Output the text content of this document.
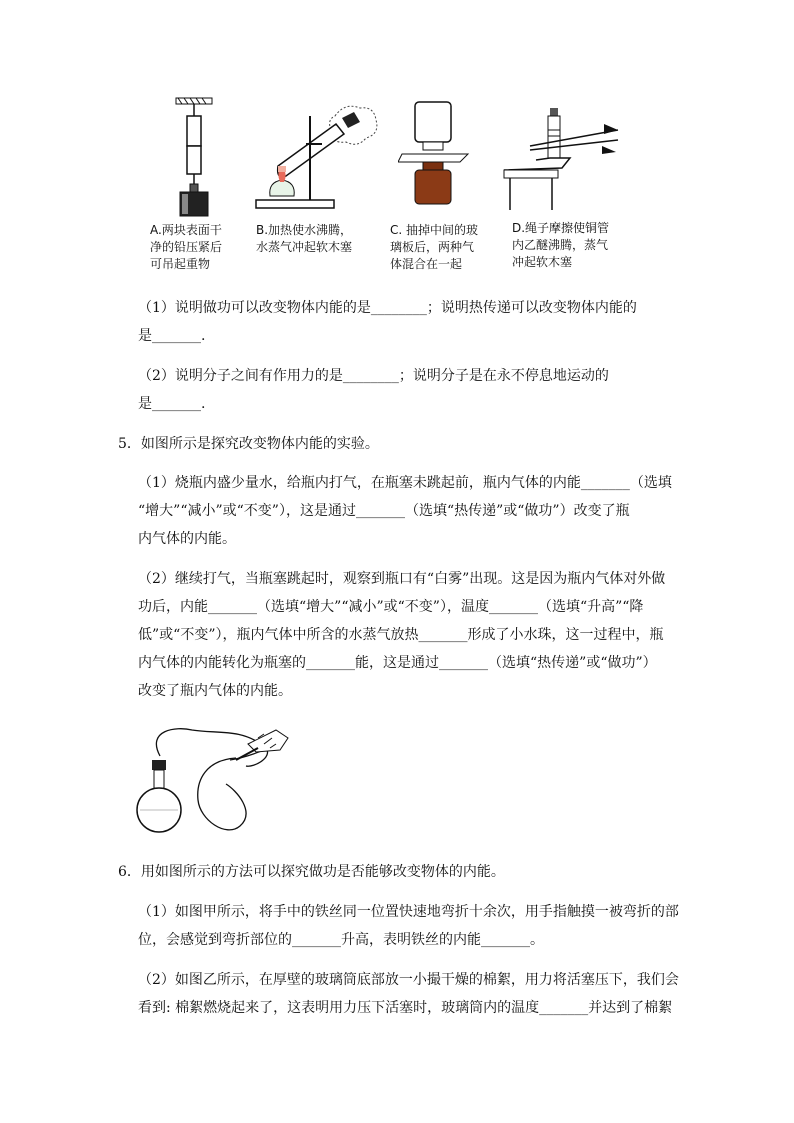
A.两块表面干
净的铅压紧后
可吊起重物
B.加热使水沸腾，
水蒸气冲起软木塞
C. 抽掉中间的玻
璃板后，两种气
体混合在一起
D.绳子摩擦使铜管
内乙醚沸腾，蒸气
冲起软木塞
（1）说明做功可以改变物体内能的是________；说明热传递可以改变物体内能的
是_______.
（2）说明分子之间有作用力的是________；说明分子是在永不停息地运动的
是_______.
5．如图所示是探究改变物体内能的实验。
（1）烧瓶内盛少量水，给瓶内打气，在瓶塞未跳起前，瓶内气体的内能_______（选填
“增大”“减小”或“不变”），这是通过_______（选填“热传递”或“做功”）改变了瓶
内气体的内能。
（2）继续打气，当瓶塞跳起时，观察到瓶口有“白雾”出现。这是因为瓶内气体对外做
功后，内能_______（选填“增大”“减小”或“不变”），温度_______（选填“升高”“降
低”或“不变”），瓶内气体中所含的水蒸气放热_______形成了小水珠，这一过程中，瓶
内气体的内能转化为瓶塞的_______能，这是通过_______（选填“热传递”或“做功”）
改变了瓶内气体的内能。
6．用如图所示的方法可以探究做功是否能够改变物体的内能。
（1）如图甲所示，将手中的铁丝同一位置快速地弯折十余次，用手指触摸一被弯折的部
位，会感觉到弯折部位的_______升高，表明铁丝的内能_______。
（2）如图乙所示，在厚壁的玻璃筒底部放一小撮干燥的棉絮，用力将活塞压下，我们会
看到: 棉絮燃烧起来了，这表明用力压下活塞时，玻璃筒内的温度_______并达到了棉絮
